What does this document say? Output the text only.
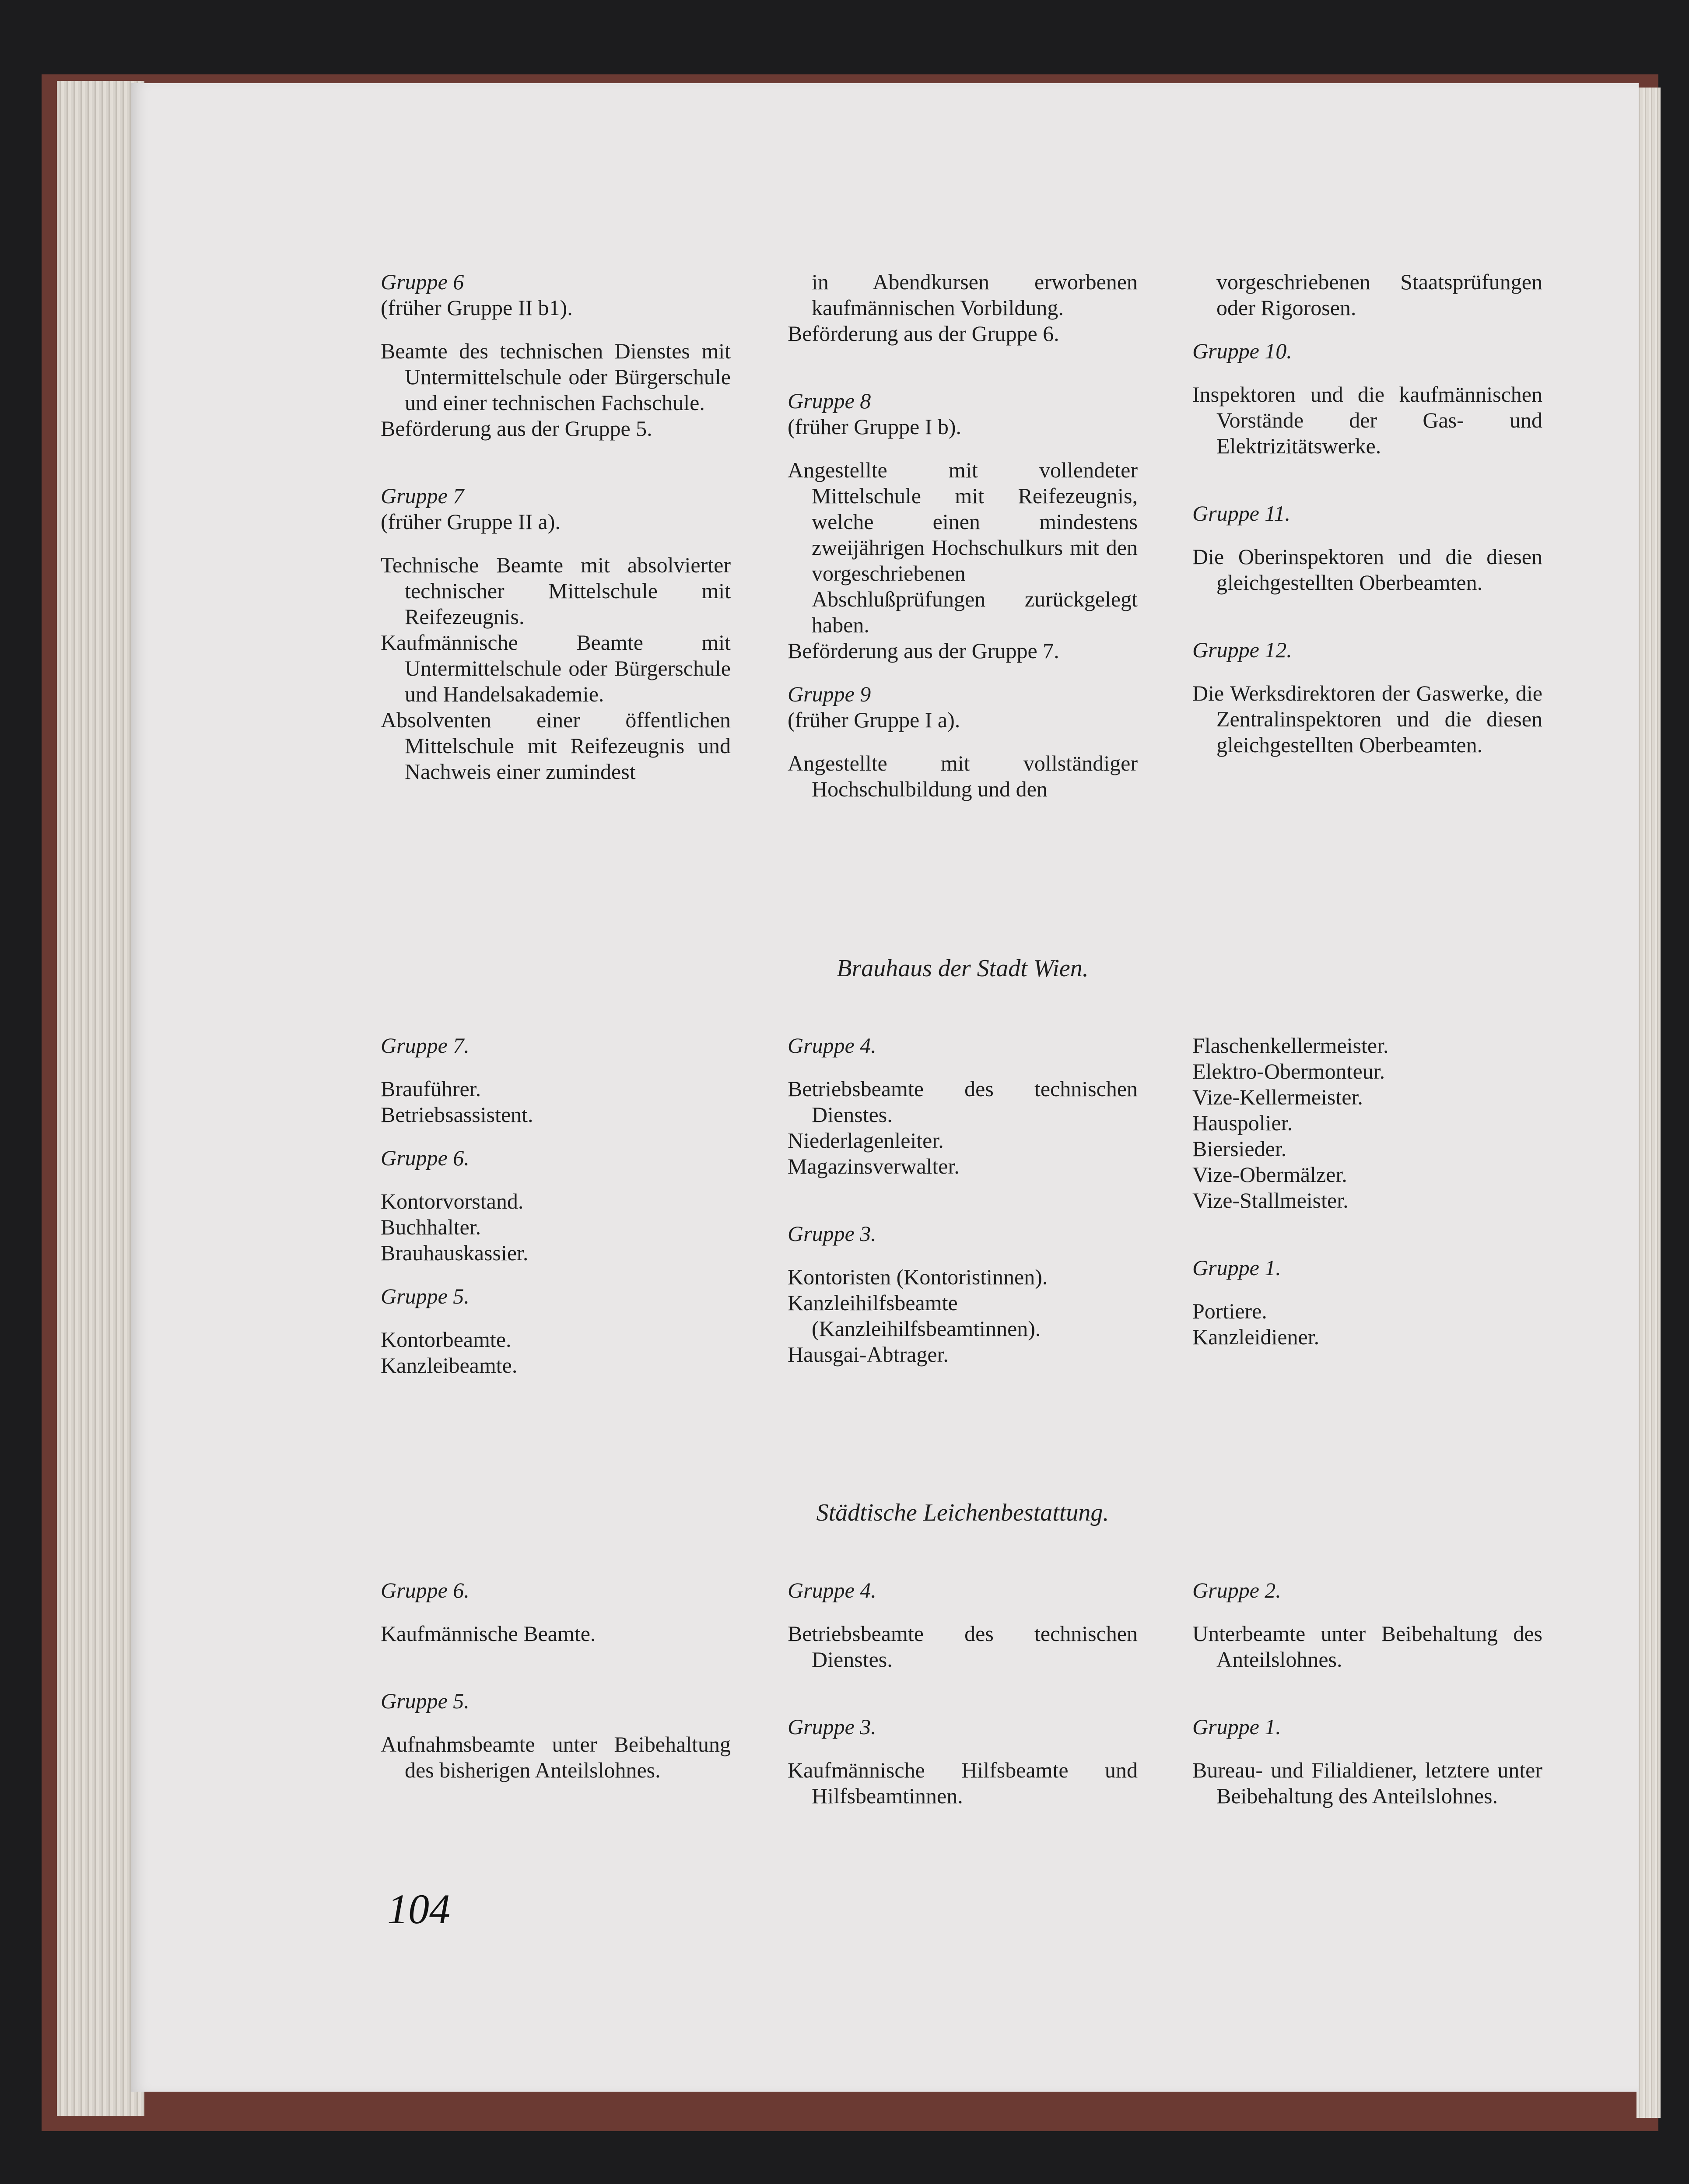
Gruppe 6

(früher Gruppe II b1).

Beamte des technischen Dienstes mit Untermittelschule oder Bürgerschule und einer technischen Fachschule.

Beförderung aus der Gruppe 5.

Gruppe 7

(früher Gruppe II a).

Technische Beamte mit absolvierter technischer Mittelschule mit Reifezeugnis.

Kaufmännische Beamte mit Untermittelschule oder Bürgerschule und Handelsakademie.

Absolventen einer öffentlichen Mittelschule mit Reifezeugnis und Nachweis einer zumindest

in Abendkursen erworbenen kaufmännischen Vorbildung.

Beförderung aus der Gruppe 6.

Gruppe 8

(früher Gruppe I b).

Angestellte mit vollendeter Mittelschule mit Reifezeugnis, welche einen mindestens zweijährigen Hochschulkurs mit den vorgeschriebenen Abschlußprüfungen zurückgelegt haben.

Beförderung aus der Gruppe 7.

Gruppe 9

(früher Gruppe I a).

Angestellte mit vollständiger Hochschulbildung und den

vorgeschriebenen Staatsprüfungen oder Rigorosen.

Gruppe 10.

Inspektoren und die kaufmännischen Vorstände der Gas- und Elektrizitätswerke.

Gruppe 11.

Die Oberinspektoren und die diesen gleichgestellten Oberbeamten.

Gruppe 12.

Die Werksdirektoren der Gaswerke, die Zentralinspektoren und die diesen gleichgestellten Oberbeamten.

Brauhaus der Stadt Wien.

Gruppe 7.

Brauführer.

Betriebsassistent.

Gruppe 6.

Kontorvorstand.

Buchhalter.

Brauhauskassier.

Gruppe 5.

Kontorbeamte.

Kanzleibeamte.

Gruppe 4.

Betriebsbeamte des technischen Dienstes.

Niederlagenleiter.

Magazinsverwalter.

Gruppe 3.

Kontoristen (Kontoristinnen).

Kanzleihilfsbeamte (Kanzleihilfsbeamtinnen).

Hausgai-Abtrager.

Flaschenkellermeister.

Elektro-Obermonteur.

Vize-Kellermeister.

Hauspolier.

Biersieder.

Vize-Obermälzer.

Vize-Stallmeister.

Gruppe 1.

Portiere.

Kanzleidiener.

Städtische Leichenbestattung.

Gruppe 6.

Kaufmännische Beamte.

Gruppe 5.

Aufnahmsbeamte unter Beibehaltung des bisherigen Anteilslohnes.

Gruppe 4.

Betriebsbeamte des technischen Dienstes.

Gruppe 3.

Kaufmännische Hilfsbeamte und Hilfsbeamtinnen.

Gruppe 2.

Unterbeamte unter Beibehaltung des Anteilslohnes.

Gruppe 1.

Bureau- und Filialdiener, letztere unter Beibehaltung des Anteilslohnes.

104
